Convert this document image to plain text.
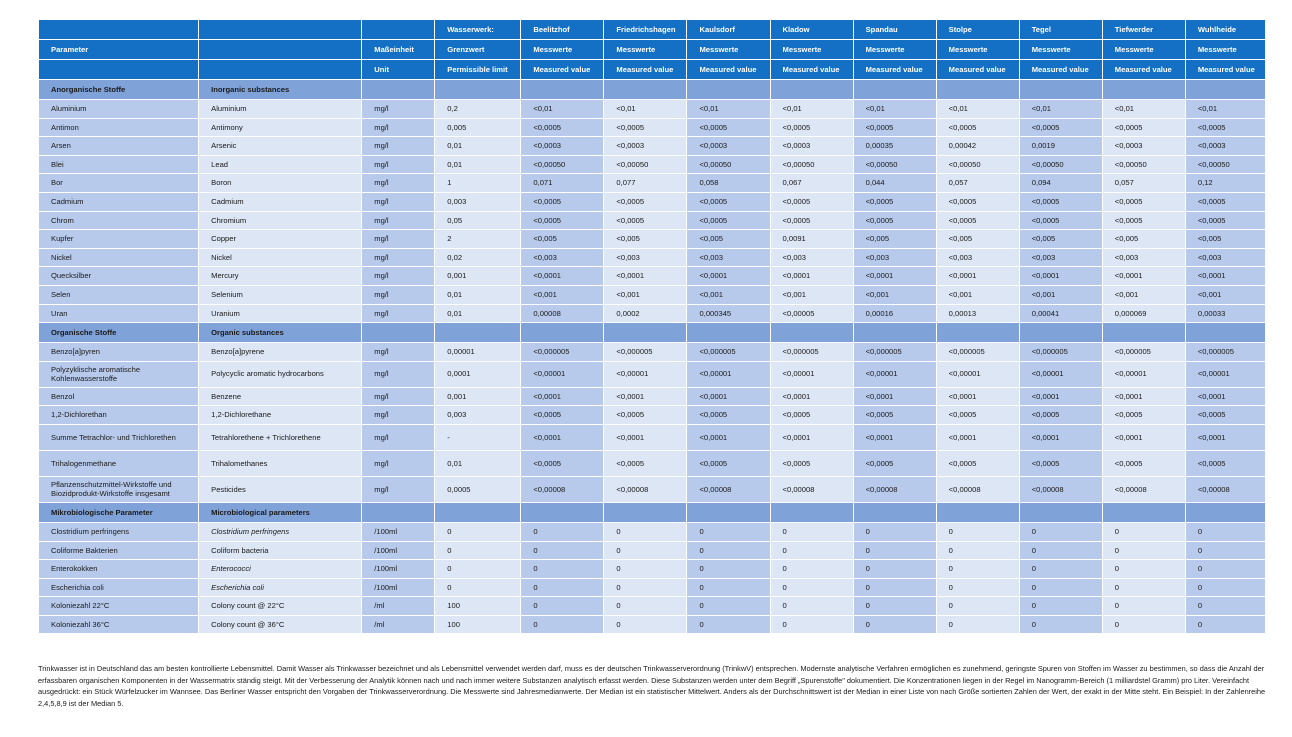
			Wasserwerk:	Beelitzhof	Friedrichshagen	Kaulsdorf	Kladow	Spandau	Stolpe	Tegel	Tiefwerder	Wuhlheide
Parameter		Maßeinheit	Grenzwert	Messwerte	Messwerte	Messwerte	Messwerte	Messwerte	Messwerte	Messwerte	Messwerte	Messwerte
		Unit	Permissible limit	Measured value	Measured value	Measured value	Measured value	Measured value	Measured value	Measured value	Measured value	Measured value
Anorganische Stoffe	Inorganic substances											
Aluminium	Aluminium	mg/l	0,2	<0,01	<0,01	<0,01	<0,01	<0,01	<0,01	<0,01	<0,01	<0,01
Antimon	Antimony	mg/l	0,005	<0,0005	<0,0005	<0,0005	<0,0005	<0,0005	<0,0005	<0,0005	<0,0005	<0,0005
Arsen	Arsenic	mg/l	0,01	<0,0003	<0,0003	<0,0003	<0,0003	0,00035	0,00042	0,0019	<0,0003	<0,0003
Blei	Lead	mg/l	0,01	<0,00050	<0,00050	<0,00050	<0,00050	<0,00050	<0,00050	<0,00050	<0,00050	<0,00050
Bor	Boron	mg/l	1	0,071	0,077	0,058	0,067	0,044	0,057	0,094	0,057	0,12
Cadmium	Cadmium	mg/l	0,003	<0,0005	<0,0005	<0,0005	<0,0005	<0,0005	<0,0005	<0,0005	<0,0005	<0,0005
Chrom	Chromium	mg/l	0,05	<0,0005	<0,0005	<0,0005	<0,0005	<0,0005	<0,0005	<0,0005	<0,0005	<0,0005
Kupfer	Copper	mg/l	2	<0,005	<0,005	<0,005	0,0091	<0,005	<0,005	<0,005	<0,005	<0,005
Nickel	Nickel	mg/l	0,02	<0,003	<0,003	<0,003	<0,003	<0,003	<0,003	<0,003	<0,003	<0,003
Quecksilber	Mercury	mg/l	0,001	<0,0001	<0,0001	<0,0001	<0,0001	<0,0001	<0,0001	<0,0001	<0,0001	<0,0001
Selen	Selenium	mg/l	0,01	<0,001	<0,001	<0,001	<0,001	<0,001	<0,001	<0,001	<0,001	<0,001
Uran	Uranium	mg/l	0,01	0,00008	0,0002	0,000345	<0,00005	0,00016	0,00013	0,00041	0,000069	0,00033
Organische Stoffe	Organic substances											
Benzo[a]pyren	Benzo[a]pyrene	mg/l	0,00001	<0,000005	<0,000005	<0,000005	<0,000005	<0,000005	<0,000005	<0,000005	<0,000005	<0,000005
Polyzyklische aromatische Kohlenwasserstoffe	Polycyclic aromatic hydrocarbons	mg/l	0,0001	<0,00001	<0,00001	<0,00001	<0,00001	<0,00001	<0,00001	<0,00001	<0,00001	<0,00001
Benzol	Benzene	mg/l	0,001	<0,0001	<0,0001	<0,0001	<0,0001	<0,0001	<0,0001	<0,0001	<0,0001	<0,0001
1,2-Dichlorethan	1,2-Dichlorethane	mg/l	0,003	<0,0005	<0,0005	<0,0005	<0,0005	<0,0005	<0,0005	<0,0005	<0,0005	<0,0005
Summe Tetrachlor- und Trichlorethen	Tetrahlorethene + Trichlorethene	mg/l	-	<0,0001	<0,0001	<0,0001	<0,0001	<0,0001	<0,0001	<0,0001	<0,0001	<0,0001
Trihalogenmethane	Trihalomethanes	mg/l	0,01	<0,0005	<0,0005	<0,0005	<0,0005	<0,0005	<0,0005	<0,0005	<0,0005	<0,0005
Pflanzenschutzmittel-Wirkstoffe und Biozidprodukt-Wirkstoffe insgesamt	Pesticides	mg/l	0,0005	<0,00008	<0,00008	<0,00008	<0,00008	<0,00008	<0,00008	<0,00008	<0,00008	<0,00008
Mikrobiologische Parameter	Microbiological parameters											
Clostridium perfringens	Clostridium perfringens	/100ml	0	0	0	0	0	0	0	0	0	0
Coliforme Bakterien	Coliform bacteria	/100ml	0	0	0	0	0	0	0	0	0	0
Enterokokken	Enterococci	/100ml	0	0	0	0	0	0	0	0	0	0
Escherichia coli	Escherichia coli	/100ml	0	0	0	0	0	0	0	0	0	0
Koloniezahl 22°C	Colony count @ 22°C	/ml	100	0	0	0	0	0	0	0	0	0
Koloniezahl 36°C	Colony count @ 36°C	/ml	100	0	0	0	0	0	0	0	0	0
Trinkwasser ist in Deutschland das am besten kontrollierte Lebensmittel. Damit Wasser als Trinkwasser bezeichnet und als Lebensmittel verwendet werden darf, muss es der deutschen Trinkwasserverordnung (TrinkwV) entsprechen. Modernste analytische Verfahren ermöglichen es zunehmend, geringste Spuren von Stoffen im Wasser zu bestimmen, so dass die Anzahl der erfassbaren organischen Komponenten in der Wassermatrix ständig steigt. Mit der Verbesserung der Analytik können nach und nach immer weitere Substanzen analytisch erfasst werden. Diese Substanzen werden unter dem Begriff „Spurenstoffe" dokumentiert. Die Konzentrationen liegen in der Regel im Nanogramm-Bereich (1 milliardstel Gramm) pro Liter. Vereinfacht ausgedrückt: ein Stück Würfelzucker im Wannsee. Das Berliner Wasser entspricht den Vorgaben der Trinkwasserverordnung. Die Messwerte sind Jahresmedianwerte. Der Median ist ein statistischer Mittelwert. Anders als der Durchschnittswert ist der Median in einer Liste von nach Größe sortierten Zahlen der Wert, der exakt in der Mitte steht. Ein Beispiel: In der Zahlenreihe 2,4,5,8,9 ist der Median 5.
